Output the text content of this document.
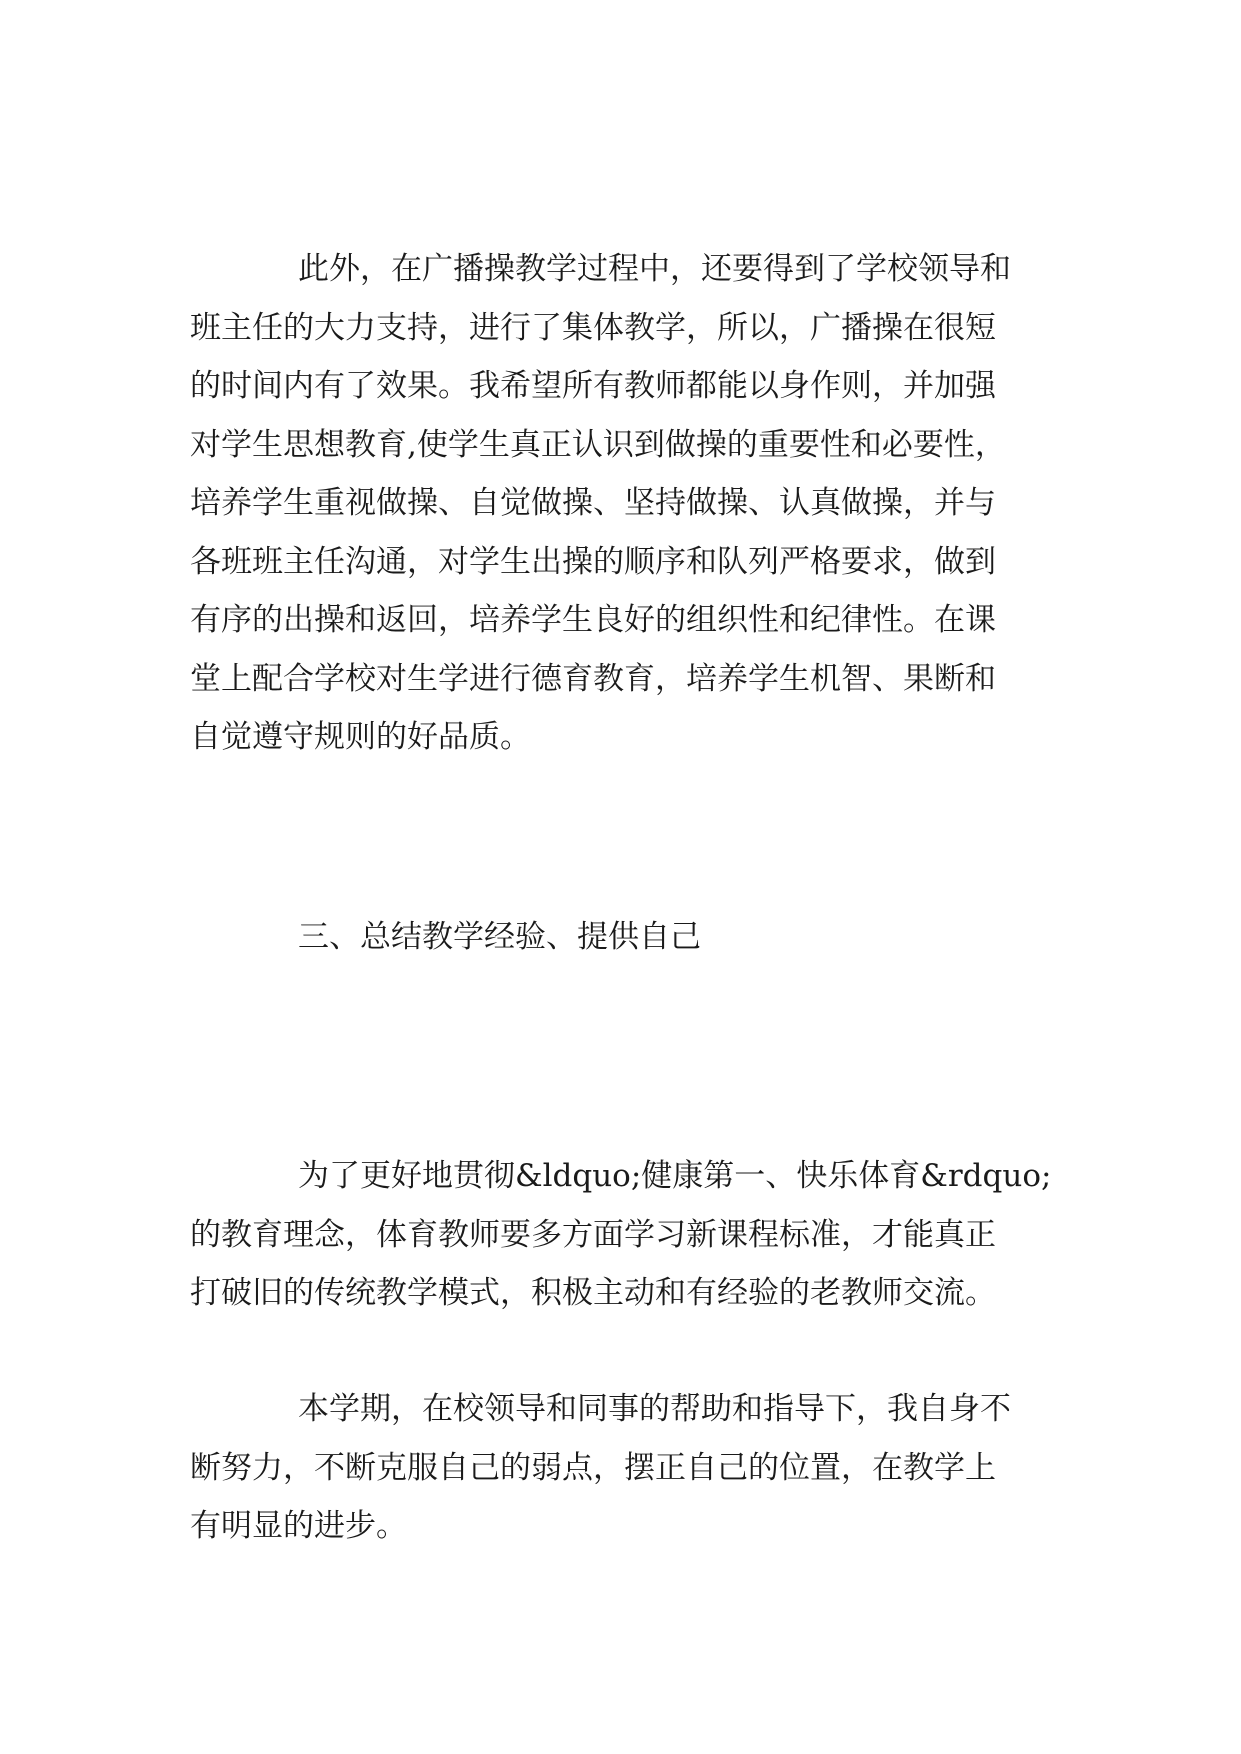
此外，在广播操教学过程中，还要得到了学校领导和
班主任的大力支持，进行了集体教学，所以，广播操在很短
的时间内有了效果。我希望所有教师都能以身作则，并加强
对学生思想教育,使学生真正认识到做操的重要性和必要性，
培养学生重视做操、自觉做操、坚持做操、认真做操，并与
各班班主任沟通，对学生出操的顺序和队列严格要求，做到
有序的出操和返回，培养学生良好的组织性和纪律性。在课
堂上配合学校对生学进行德育教育，培养学生机智、果断和
自觉遵守规则的好品质。
三、总结教学经验、提供自己
为了更好地贯彻&ldquo;健康第一、快乐体育&rdquo;
的教育理念，体育教师要多方面学习新课程标准，才能真正
打破旧的传统教学模式，积极主动和有经验的老教师交流。
本学期，在校领导和同事的帮助和指导下，我自身不
断努力，不断克服自己的弱点，摆正自己的位置，在教学上
有明显的进步。
